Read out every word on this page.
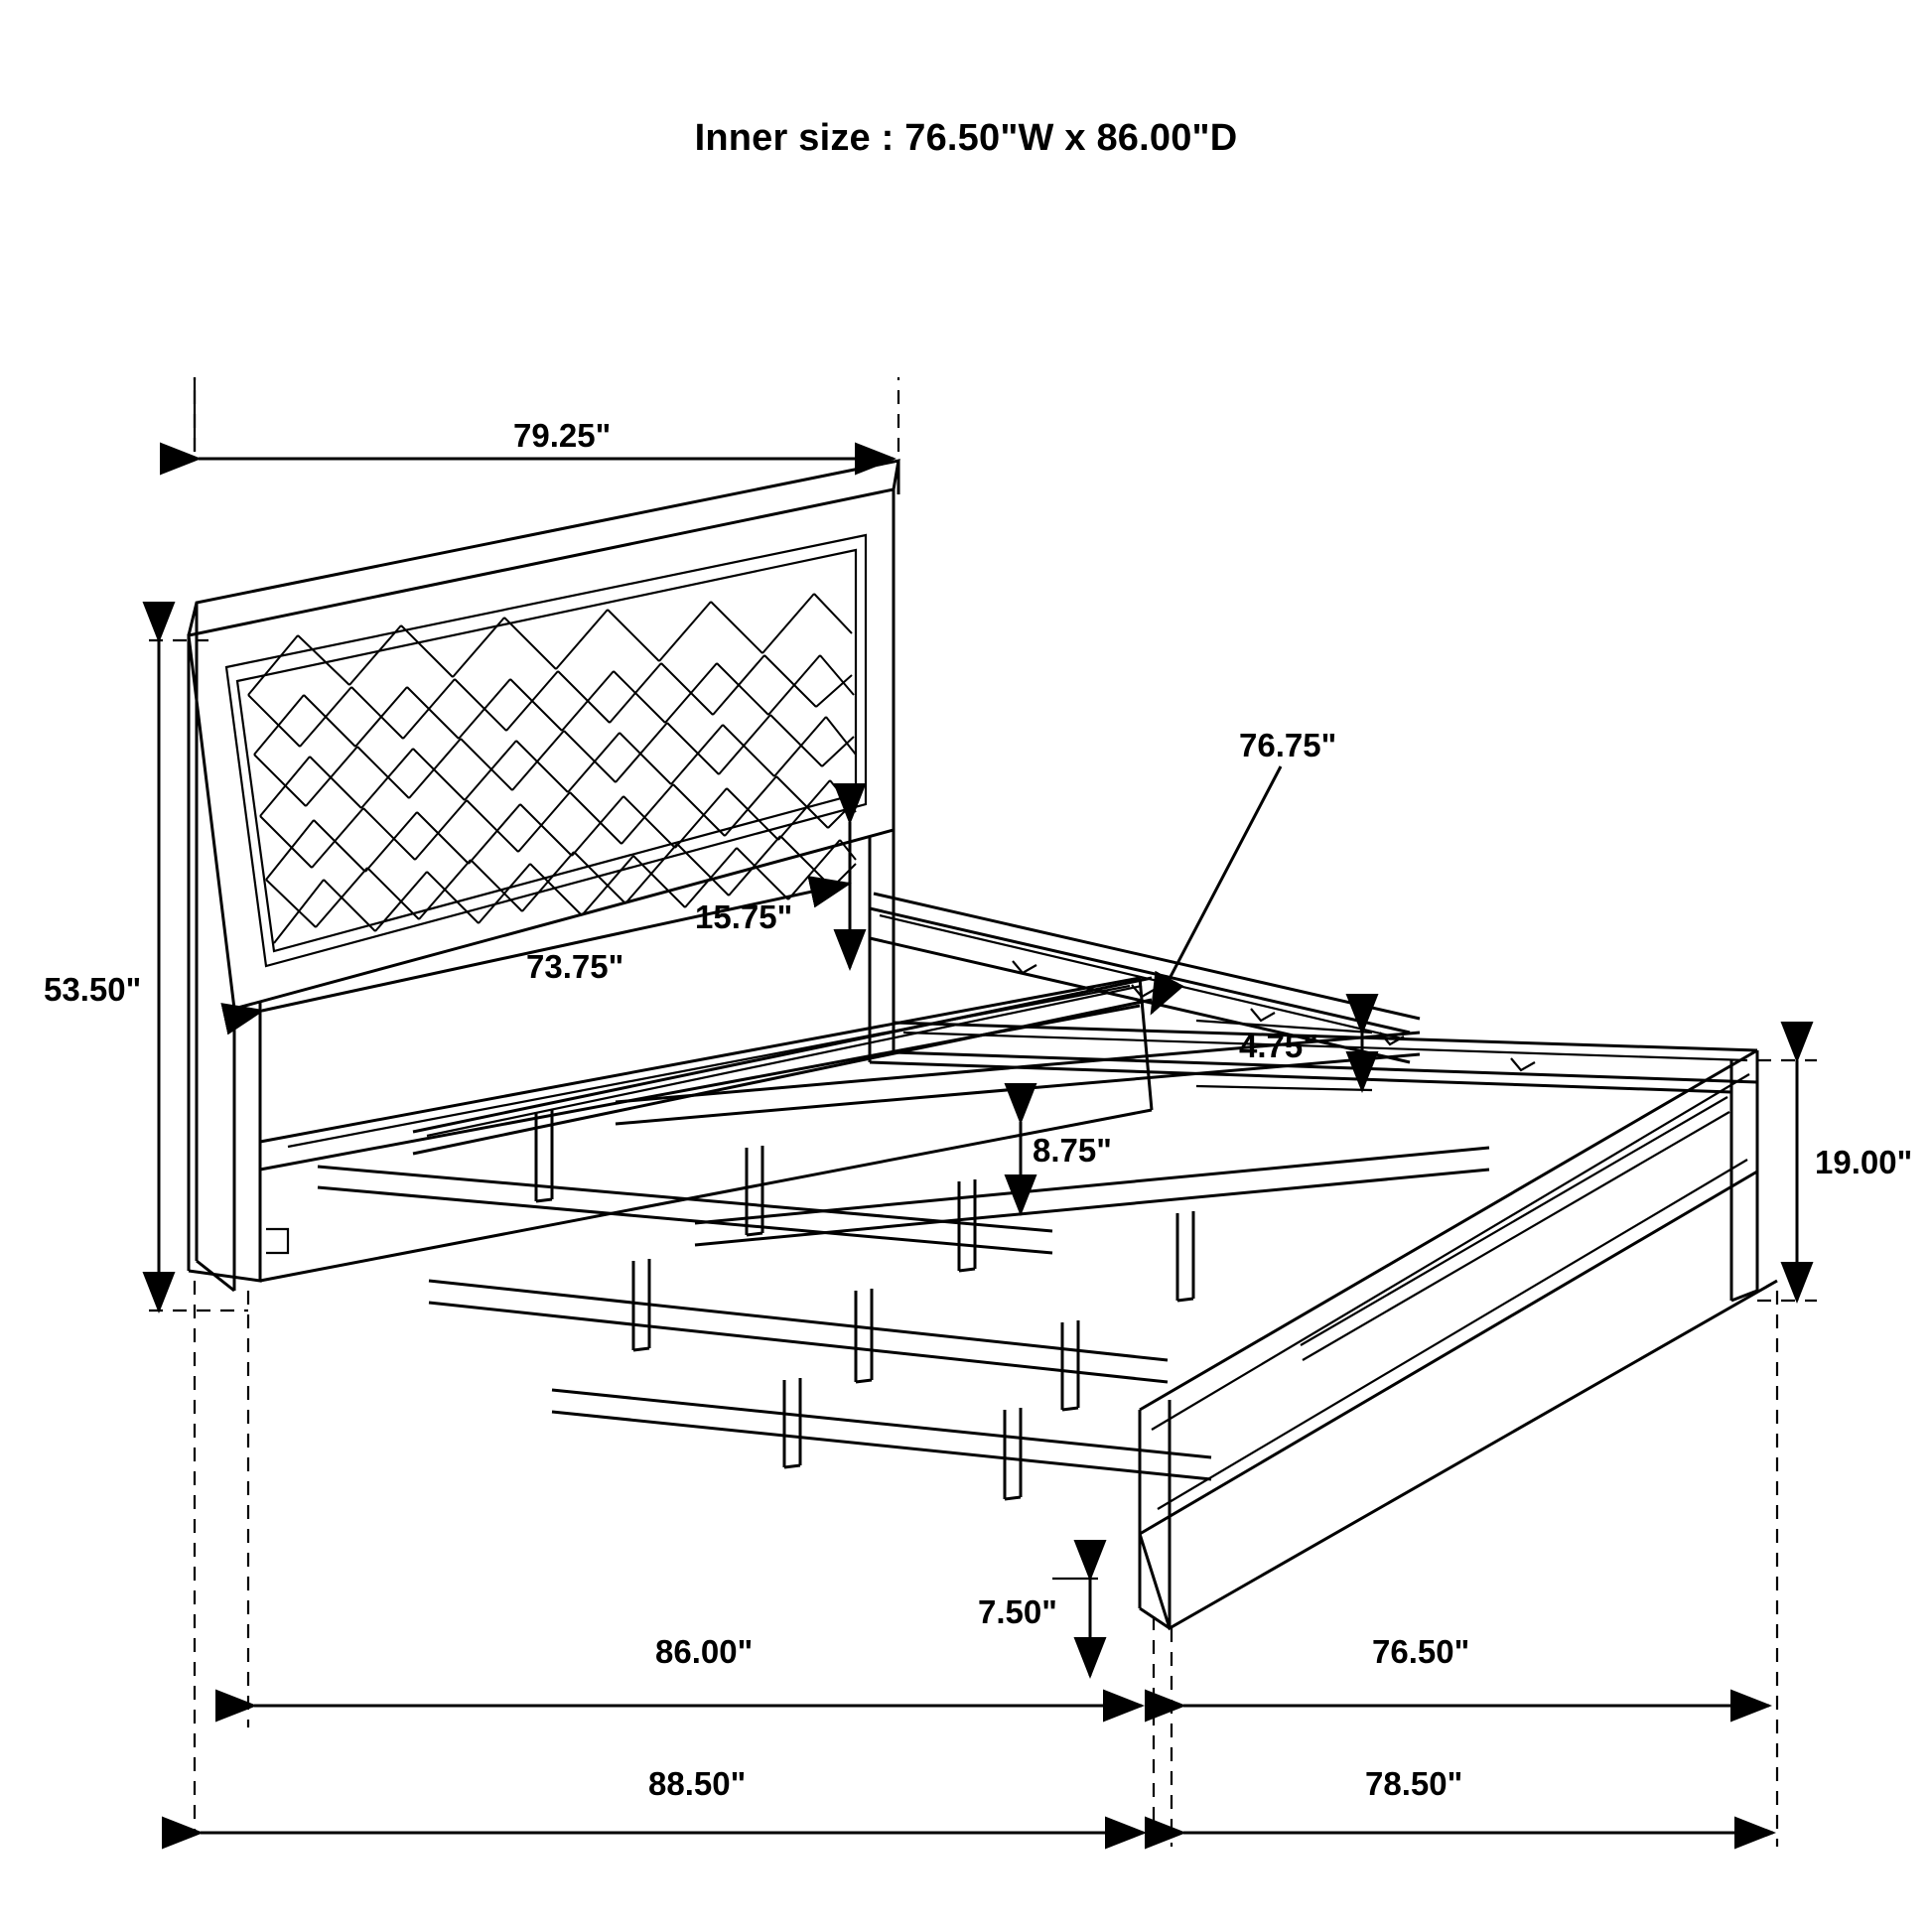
Inner size : 76.50"W x 86.00"D
79.25"
53.50"
73.75"
15.75"
76.75"
4.75"
8.75"	19.00"
7.50"
86.00"	76.50"
88.50"	78.50"
